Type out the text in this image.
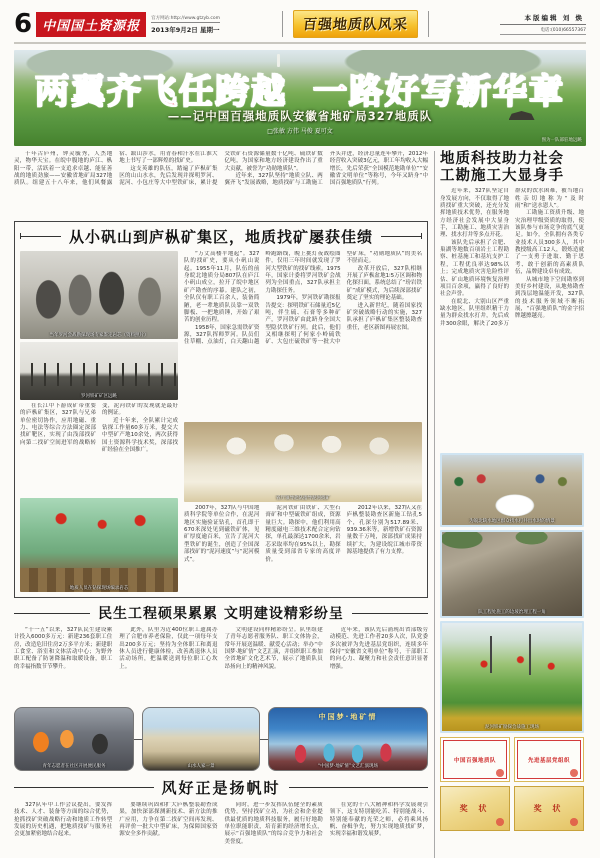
6 中国国土资源报
官方网站:http://www.gtzyb.com
2013年9月2日 星期一	百强地质队风采	本版编辑 刘 焕
电话:(010)66557367
两翼齐飞任跨越 一路好写新华章
——记中国百强地质队安徽省地矿局327地质队
□张敏 方伟 马俊 夏可文
图为一队部驻地远眺

千年古庐州，钟灵毓秀，人杰地灵，物华天宝。在皖中腹地的庐江、枞阳一带，活跃着一支追求卓越、能征善战的地质劲旅——安徽省地矿局327地质队。组建五十八年来，他们风餐露宿、跋山涉水，用青春和汗水在江淮大地上书写了一部辉煌的找矿史。

这支英雄的队伍，踏遍了庐枞矿集区的山山水水，先后发现并探明罗河、泥河、小包庄等大中型铁矿床，累计提交铁矿石资源储量数十亿吨、硫铁矿数亿吨，为国家和地方经济建设作出了重大贡献，被誉为“功勋地质队”。

近年来，327队坚持“地质立队、两翼齐飞”发展战略，地质找矿与工勘施工齐头并进，经济总量连年攀升，2012年经营收入突破3亿元，职工年均收入大幅增长，先后荣获“全国模范地勘单位”“安徽省文明单位”等称号，今年又跻身“中国百强地质队”行列。

从小矾山到庐枞矿集区，地质找矿屡获佳绩
当年罗河会战勘探现场专家鉴定岩芯（资料照片）
罗河铁矿矿区远眺

在长江中下游成矿带重要的庐枞矿集区，327队与兄弟单位密切协作，应用地磁、重力、电法等综合方法圈定深部找矿靶区，实现了由浅部找矿向第二找矿空间进军的战略转变，泥河铁矿的发现就是最好的例证。

近十年来，全队累计完成钻探工作量60多万米，提交大中型矿产地10余处，两次获得国土资源科学技术奖，深部找矿经验在全国推广。

地质人员在钻探现场编录岩芯

“万丈高楼平地起”。327队的找矿史，要从小矾山说起。1955年11月，队伍的前身皖北地质分局807队在庐江小矾山成立，拉开了皖中地区矿产勘查的序幕。建队之初，全队仅有职工百余人，装备简陋，老一辈地质队员靠一双铁脚板、一把地质锤，开始了艰苦的创业历程。

1958年，国家急需铁矿资源，327队挥师罗河。队员们住草棚、点油灯，白天翻山越岭跑路线，晚上挑灯夜战绘图件，仅用三年时间就发现了罗河大型铁矿的找矿线索。1975年，国家计委将罗河铁矿会战列为全国重点，327队承担主力勘探任务。

1979年，罗河铁矿勘探报告提交：探明铁矿石储量近5亿吨，伴生硫、石膏等多种矿产，罗河铁矿由此跻身全国大型隐伏铁矿行列。此后，他们又相继探明了何家小岭硫铁矿、大包庄硫铁矿等一批大中型矿床，“功勋地质队”的美名不胫而走。

改革开放后，327队相继开展了庐枞盆地1∶5万区调和物化探扫面，系统总结了“玢岩铁矿”成矿模式，为后续深部找矿奠定了坚实的理论基础。

进入新世纪，随着国家找矿突破战略行动的实施，327队承担了庐枞矿集区整装勘查重任，老区新图再展宏图。

省厅领导赴队指导泥河找矿

2007年，327队与中国地质科学院等单位合作，在泥河地区实施验证钻孔，首孔即于670米深处见到磁铁矿体，见矿厚度逾百米，宣告了泥河大型铁矿的诞生，创造了全国深部找矿的“泥河速度”与“泥河模式”。

泥河铁矿由铁矿、大型石膏矿和中型硫铁矿组成，资源量巨大。勘探中，他们利用高精度磁电三维技术配合定向钻探，单孔最深达1700余米，岩芯采取率均在95%以上，勘探质量受到部省专家的高度评价。

2012年以来，327队又在庐枞整装勘查区新施工钻孔5个，孔深分别为517.89米、939.36米等，新增铁矿石资源量数千万吨，深部找矿成果持续扩大，为建设皖江城市带资源基地提供了有力支撑。

民生工程硕果累累 文明建设精彩纷呈

“十一五”以来，327队民生建设累计投入6000多万元：新建236套职工住房，改造危旧住房2万多平方米；新建职工食堂、浴室和文体活动中心；为野外职工配备了防暑降温和取暖设备，职工的幸福指数节节攀升。

此外，队里为近400位职工遗属办理了合肥市养老保险，仅此一项每年支出200多万元；坚持为全体职工和离退休人员进行健康体检，改善离退休人员活动场所，把温暖送到每位职工心坎上。

文明建设同样精彩纷呈。队里组建了青年志愿者服务队、职工文体协会，常年开展送温暖、献爱心活动；举办“中国梦·地矿情”文艺汇演，并组织职工参加全省地矿文化艺术节，展示了地质队员昂扬向上的精神风貌。

近年来，该队先后涌现出省部级劳动模范、先进工作者20多人次，队党委多次被评为先进基层党组织，连续多年保持“安徽省文明单位”称号，干部职工的向心力、凝聚力和社会责任意识显著增强。

青年志愿者在社区开展便民服务	山水人家一景
中国梦·地矿情
“中国梦·地矿情”文艺汇演现场
风好正是扬帆时

327队年中工作会议提出，要发挥技术、人才、装备等方面的综合优势，抢抓找矿突破战略行动和地质工作转型发展的历史机遇，把地质找矿与服务社会更加紧密地结合起来。

要继续巩固和扩大庐枞整装勘查成果，加快深部探测新技术、新方法的推广应用，力争在第二找矿空间再发现、再评价一批大中型矿床，为保障国家资源安全多作贡献。

同时，进一步发挥队伍健全的素质优势，坚持找矿立功，为社会和企业提供最优质的地质科技服务，履行好地勘单位职能职责，培育新的经济增长点，展示“百强地质队”的综合竞争力和社会美誉度。

在党的十八大精神和科学发展观引领下，这支特别能吃苦、特别能战斗、特别能奉献的光荣之师，必将乘风扬帆、奋楫争先，努力实现地质找矿梦，实现幸福和谐发展梦。

地质科技助力社会
工勘施工大显身手

近年来，327队坚定自身发展方向，不仅取得了地质找矿重大突破，还充分发挥地质技术优势，在服务地方经济社会发展中大显身手，工勘施工、地质灾害治理、找水打井等多点开花。

该队先后承担了合肥、巢湖等地数百项岩土工程勘察、桩基施工和基坑支护工程，工程优良率达98%以上；完成地质灾害危险性评估、矿山地质环境恢复治理项目百余项，赢得了良好的社会声誉。

在皖北、大别山区严重缺水地区，队里组织精干力量为群众找水打井，先后成井300余眼，解决了20多万群众的饮水困难，被当地百姓亲切地称为“及时雨”和“送水恩人”。

工勘施工资质升级、地灾治理甲级资质的取得，使该队参与市场竞争的底气更足。如今，全队拥有各类专业技术人员300多人，其中教授级高工12人，锻炼造就了一支勇于进取、勤于思考、敢于创新的高素质队伍，品牌建设卓有成效。

从城市地下空间勘察到美好乡村建设，从地热勘查到浅层地温能开发，327队的技术服务领域不断拓展，“百强地质队”的金字招牌越擦越亮。

为皖北缺水地区群众找水打井出水时的情景
队工程处施工的边坡治理工程一角
泥河铁矿勘探会战施工现场
中国百强地质队	先进基层党组织
奖 状	奖 状
